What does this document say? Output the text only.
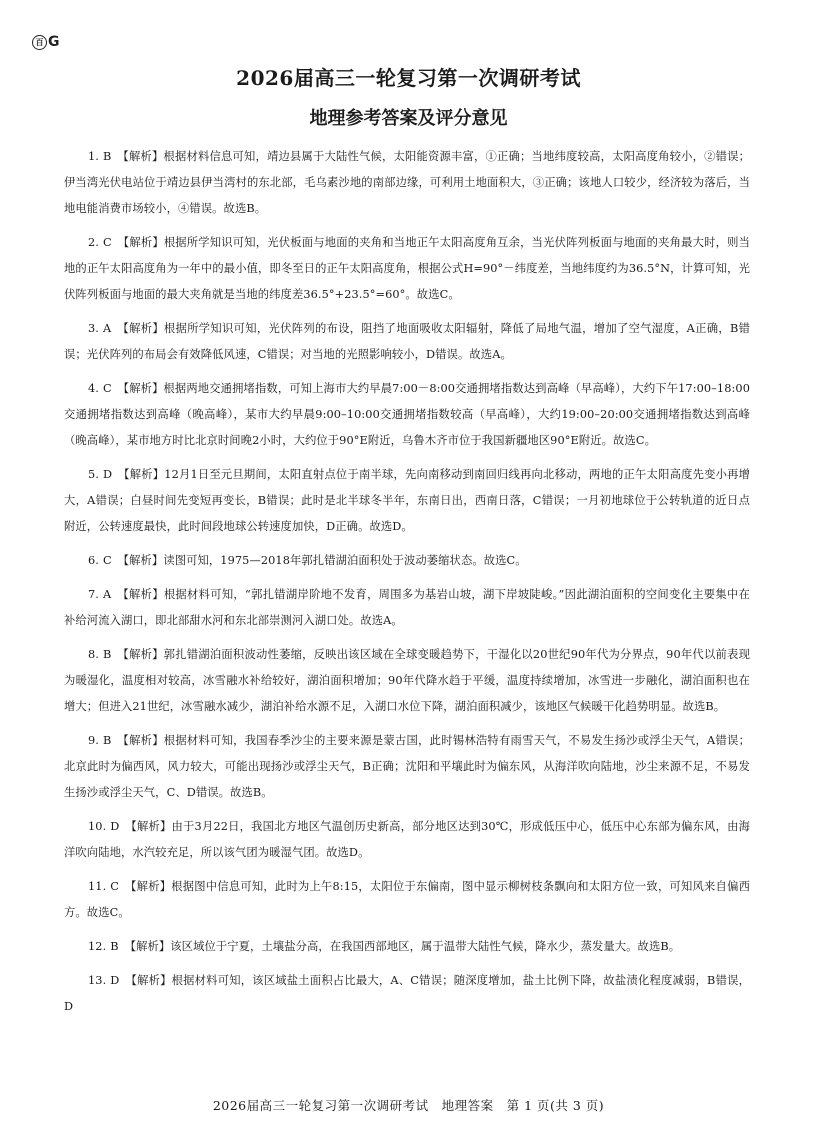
百 G
2026届高三一轮复习第一次调研考试
地理参考答案及评分意见
1. B 【解析】根据材料信息可知，靖边县属于大陆性气候，太阳能资源丰富，①正确；当地纬度较高，太阳高度角较小，②错误；伊当湾光伏电站位于靖边县伊当湾村的东北部，毛乌素沙地的南部边缘，可利用土地面积大，③正确；该地人口较少，经济较为落后，当地电能消费市场较小，④错误。故选B。
2. C 【解析】根据所学知识可知，光伏板面与地面的夹角和当地正午太阳高度角互余，当光伏阵列板面与地面的夹角最大时，则当地的正午太阳高度角为一年中的最小值，即冬至日的正午太阳高度角，根据公式H=90°－纬度差，当地纬度约为36.5°N，计算可知，光伏阵列板面与地面的最大夹角就是当地的纬度差36.5°+23.5°=60°。故选C。
3. A 【解析】根据所学知识可知，光伏阵列的布设，阻挡了地面吸收太阳辐射，降低了局地气温，增加了空气湿度，A正确，B错误；光伏阵列的布局会有效降低风速，C错误；对当地的光照影响较小，D错误。故选A。
4. C 【解析】根据两地交通拥堵指数，可知上海市大约早晨7:00－8:00交通拥堵指数达到高峰（早高峰），大约下午17:00–18:00交通拥堵指数达到高峰（晚高峰），某市大约早晨9:00–10:00交通拥堵指数较高（早高峰），大约19:00–20:00交通拥堵指数达到高峰（晚高峰），某市地方时比北京时间晚2小时，大约位于90°E附近，乌鲁木齐市位于我国新疆地区90°E附近。故选C。
5. D 【解析】12月1日至元旦期间，太阳直射点位于南半球，先向南移动到南回归线再向北移动，两地的正午太阳高度先变小再增大，A错误；白昼时间先变短再变长，B错误；此时是北半球冬半年，东南日出，西南日落，C错误；一月初地球位于公转轨道的近日点附近，公转速度最快，此时间段地球公转速度加快，D正确。故选D。
6. C 【解析】读图可知，1975—2018年郭扎错湖泊面积处于波动萎缩状态。故选C。
7. A 【解析】根据材料可知，“郭扎错湖岸阶地不发育，周围多为基岩山坡，湖下岸坡陡峻。”因此湖泊面积的空间变化主要集中在补给河流入湖口，即北部甜水河和东北部崇测河入湖口处。故选A。
8. B 【解析】郭扎错湖泊面积波动性萎缩，反映出该区域在全球变暖趋势下，干湿化以20世纪90年代为分界点，90年代以前表现为暖湿化，温度相对较高，冰雪融水补给较好，湖泊面积增加；90年代降水趋于平缓，温度持续增加，冰雪进一步融化，湖泊面积也在增大；但进入21世纪，冰雪融水减少，湖泊补给水源不足，入湖口水位下降，湖泊面积减少，该地区气候暖干化趋势明显。故选B。
9. B 【解析】根据材料可知，我国春季沙尘的主要来源是蒙古国，此时锡林浩特有雨雪天气，不易发生扬沙或浮尘天气，A错误；北京此时为偏西风，风力较大，可能出现扬沙或浮尘天气，B正确；沈阳和平壤此时为偏东风，从海洋吹向陆地，沙尘来源不足，不易发生扬沙或浮尘天气，C、D错误。故选B。
10. D 【解析】由于3月22日，我国北方地区气温创历史新高，部分地区达到30℃，形成低压中心，低压中心东部为偏东风，由海洋吹向陆地，水汽较充足，所以该气团为暖湿气团。故选D。
11. C 【解析】根据图中信息可知，此时为上午8:15，太阳位于东偏南，图中显示柳树枝条飘向和太阳方位一致，可知风来自偏西方。故选C。
12. B 【解析】该区域位于宁夏，土壤盐分高，在我国西部地区，属于温带大陆性气候，降水少，蒸发量大。故选B。
13. D 【解析】根据材料可知，该区域盐土面积占比最大，A、C错误；随深度增加，盐土比例下降，故盐渍化程度减弱，B错误，D
2026届高三一轮复习第一次调研考试　地理答案　第 1 页(共 3 页)
